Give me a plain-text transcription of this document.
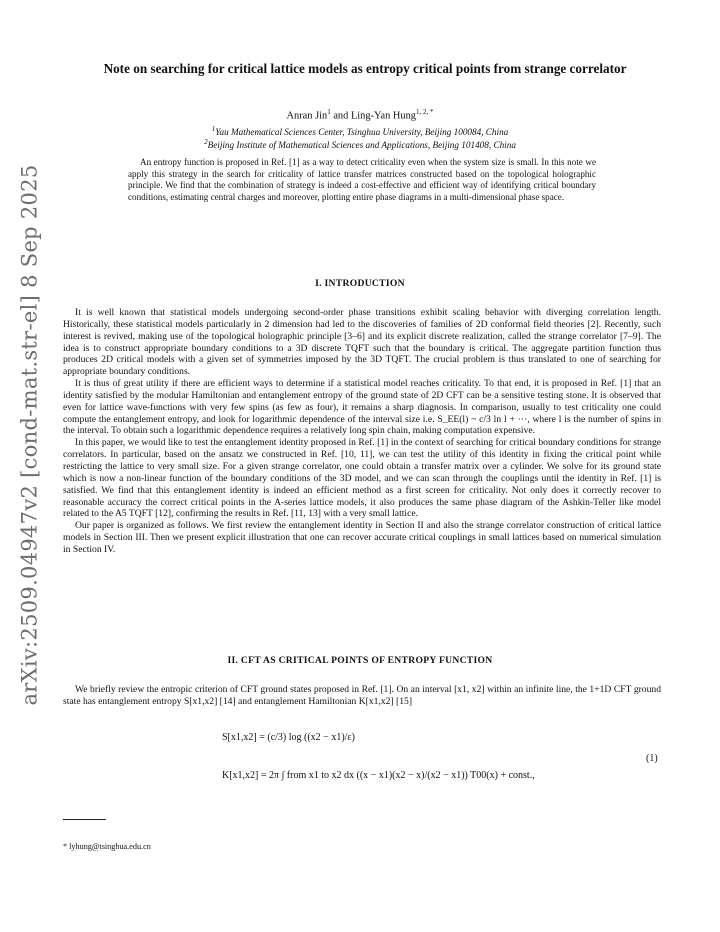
arXiv:2509.04947v2 [cond-mat.str-el] 8 Sep 2025
Note on searching for critical lattice models as entropy critical points from strange correlator
Anran Jin$^1$ and Ling-Yan Hung$^{1, 2, *}$
$^1$Yau Mathematical Sciences Center, Tsinghua University, Beijing 100084, China
$^2$Beijing Institute of Mathematical Sciences and Applications, Beijing 101408, China
An entropy function is proposed in Ref. [1] as a way to detect criticality even when the system size is small. In this note we apply this strategy in the search for criticality of lattice transfer matrices constructed based on the topological holographic principle. We find that the combination of strategy is indeed a cost-effective and efficient way of identifying critical boundary conditions, estimating central charges and moreover, plotting entire phase diagrams in a multi-dimensional phase space.
I. INTRODUCTION

It is well known that statistical models undergoing second-order phase transitions exhibit scaling behavior with diverging correlation length. Historically, these statistical models particularly in 2 dimension had led to the discoveries of families of 2D conformal field theories [2]. Recently, such interest is revived, making use of the topological holographic principle [3–6] and its explicit discrete realization, called the strange correlator [7–9]. The idea is to construct appropriate boundary conditions to a 3D discrete TQFT such that the boundary is critical. The aggregate partition function thus produces 2D critical models with a given set of symmetries imposed by the 3D TQFT. The crucial problem is thus translated to one of searching for appropriate boundary conditions.

It is thus of great utility if there are efficient ways to determine if a statistical model reaches criticality. To that end, it is proposed in Ref. [1] that an identity satisfied by the modular Hamiltonian and entanglement entropy of the ground state of 2D CFT can be a sensitive testing stone. It is observed that even for lattice wave-functions with very few spins (as few as four), it remains a sharp diagnosis. In comparison, usually to test criticality one could compute the entanglement entropy, and look for logarithmic dependence of the interval size i.e. S_EE(l) ~ c/3 ln l + ···, where l is the number of spins in the interval. To obtain such a logarithmic dependence requires a relatively long spin chain, making computation expensive.

In this paper, we would like to test the entanglement identity proposed in Ref. [1] in the context of searching for critical boundary conditions for strange correlators. In particular, based on the ansatz we constructed in Ref. [10, 11], we can test the utility of this identity in fixing the critical point while restricting the lattice to very small size. For a given strange correlator, one could obtain a transfer matrix over a cylinder. We solve for its ground state which is now a non-linear function of the boundary conditions of the 3D model, and we can scan through the couplings until the identity in Ref. [1] is satisfied. We find that this entanglement identity is indeed an efficient method as a first screen for criticality. Not only does it correctly recover to reasonable accuracy the correct critical points in the A-series lattice models, it also produces the same phase diagram of the Ashkin-Teller like model related to the A5 TQFT [12], confirming the results in Ref. [11, 13] with a very small lattice.

Our paper is organized as follows. We first review the entanglement identity in Section II and also the strange correlator construction of critical lattice models in Section III. Then we present explicit illustration that one can recover accurate critical couplings in small lattices based on numerical simulation in Section IV.

II. CFT AS CRITICAL POINTS OF ENTROPY FUNCTION

We briefly review the entropic criterion of CFT ground states proposed in Ref. [1]. On an interval [x1, x2] within an infinite line, the 1+1D CFT ground state has entanglement entropy S[x1,x2] [14] and entanglement Hamiltonian K[x1,x2] [15]

S[x1,x2] = (c/3) log ((x2 − x1)/ε)
K[x1,x2] = 2π ∫ from x1 to x2 dx ((x − x1)(x2 − x)/(x2 − x1)) T00(x) + const.,
(1)
* lyhung@tsinghua.edu.cn
